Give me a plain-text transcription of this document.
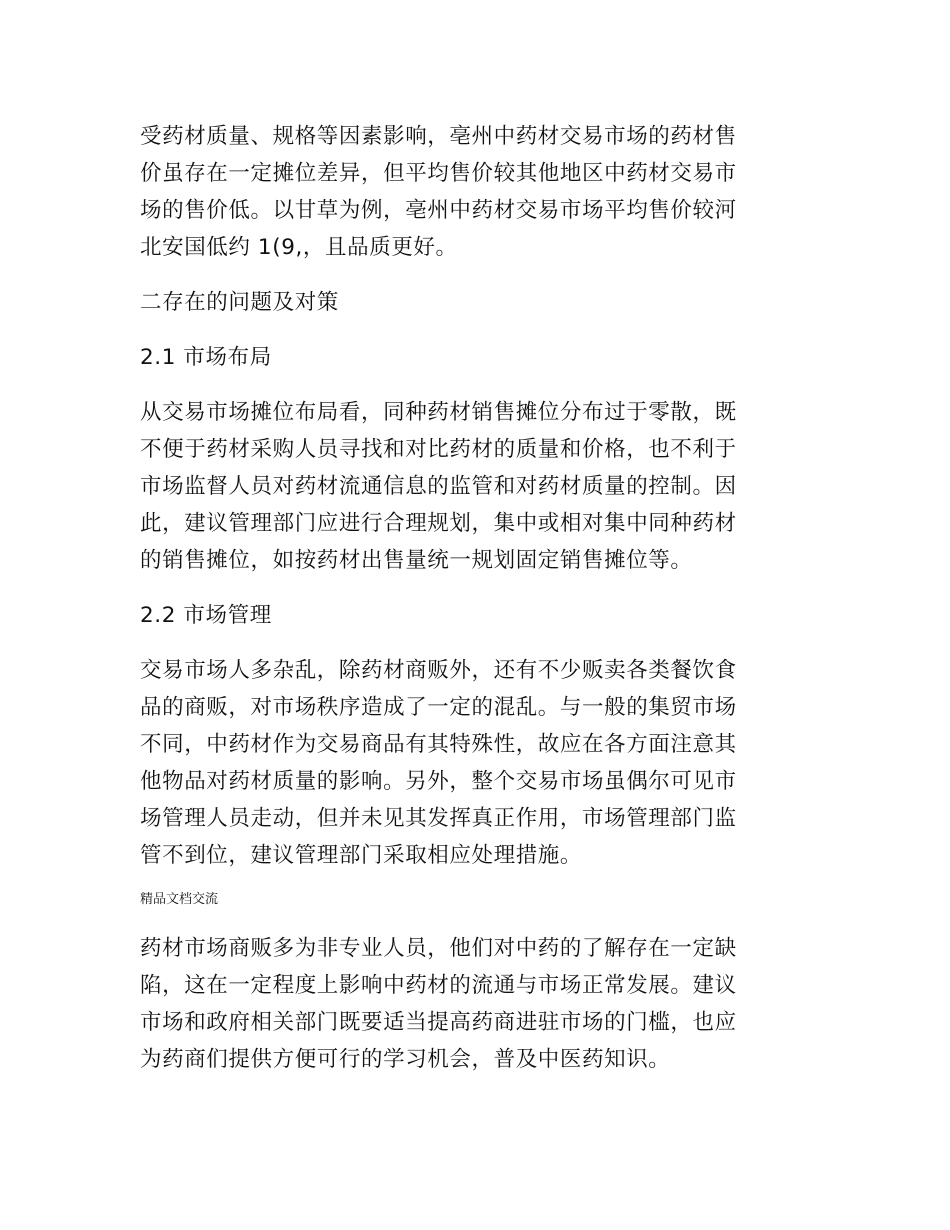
受药材质量、规格等因素影响，亳州中药材交易市场的药材售
价虽存在一定摊位差异，但平均售价较其他地区中药材交易市
场的售价低。以甘草为例，亳州中药材交易市场平均售价较河
北安国低约 1(9,，且品质更好。
二存在的问题及对策
2.1 市场布局
从交易市场摊位布局看，同种药材销售摊位分布过于零散，既
不便于药材采购人员寻找和对比药材的质量和价格，也不利于
市场监督人员对药材流通信息的监管和对药材质量的控制。因
此，建议管理部门应进行合理规划，集中或相对集中同种药材
的销售摊位，如按药材出售量统一规划固定销售摊位等。
2.2 市场管理
交易市场人多杂乱，除药材商贩外，还有不少贩卖各类餐饮食
品的商贩，对市场秩序造成了一定的混乱。与一般的集贸市场
不同，中药材作为交易商品有其特殊性，故应在各方面注意其
他物品对药材质量的影响。另外，整个交易市场虽偶尔可见市
场管理人员走动，但并未见其发挥真正作用，市场管理部门监
管不到位，建议管理部门采取相应处理措施。
精品文档交流
药材市场商贩多为非专业人员，他们对中药的了解存在一定缺
陷，这在一定程度上影响中药材的流通与市场正常发展。建议
市场和政府相关部门既要适当提高药商进驻市场的门槛，也应
为药商们提供方便可行的学习机会，普及中医药知识。
